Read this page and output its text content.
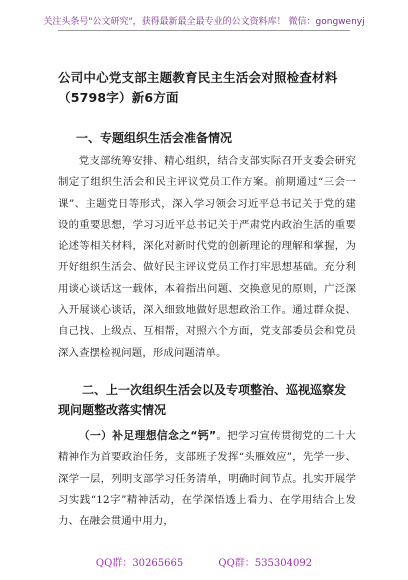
关注头条号"公文研究"，获得最新最全最专业的公文资料库！ 微信：gongwenyj
公司中心党支部主题教育民主生活会对照检查材料（5798字）新6方面
一、专题组织生活会准备情况

党支部统筹安排、精心组织，结合支部实际召开支委会研究制定了组织生活会和民主评议党员工作方案。前期通过“三会一课”、主题党日等形式，深入学习领会习近平总书记关于党的建设的重要思想，学习习近平总书记关于严肃党内政治生活的重要论述等相关材料，深化对新时代党的创新理论的理解和掌握，为开好组织生活会、做好民主评议党员工作打牢思想基础。充分利用谈心谈话这一载体，本着指出问题、交换意见的原则，广泛深入开展谈心谈话，深入细致地做好思想政治工作。通过群众提、自己找、上级点、互相帮，对照六个方面，党支部委员会和党员深入查摆检视问题，形成问题清单。

二、上一次组织生活会以及专项整治、巡视巡察发现问题整改落实情况

（一）补足理想信念之“钙”。把学习宣传贯彻党的二十大精神作为首要政治任务，支部班子发挥“头雁效应”，先学一步、深学一层，列明支部学习任务清单，明确时间节点。扎实开展学习实践“12字”精神活动，在学深悟透上看力、在学用结合上发力、在融会贯通中用力，

QQ群：30265665	QQ群：535304092
